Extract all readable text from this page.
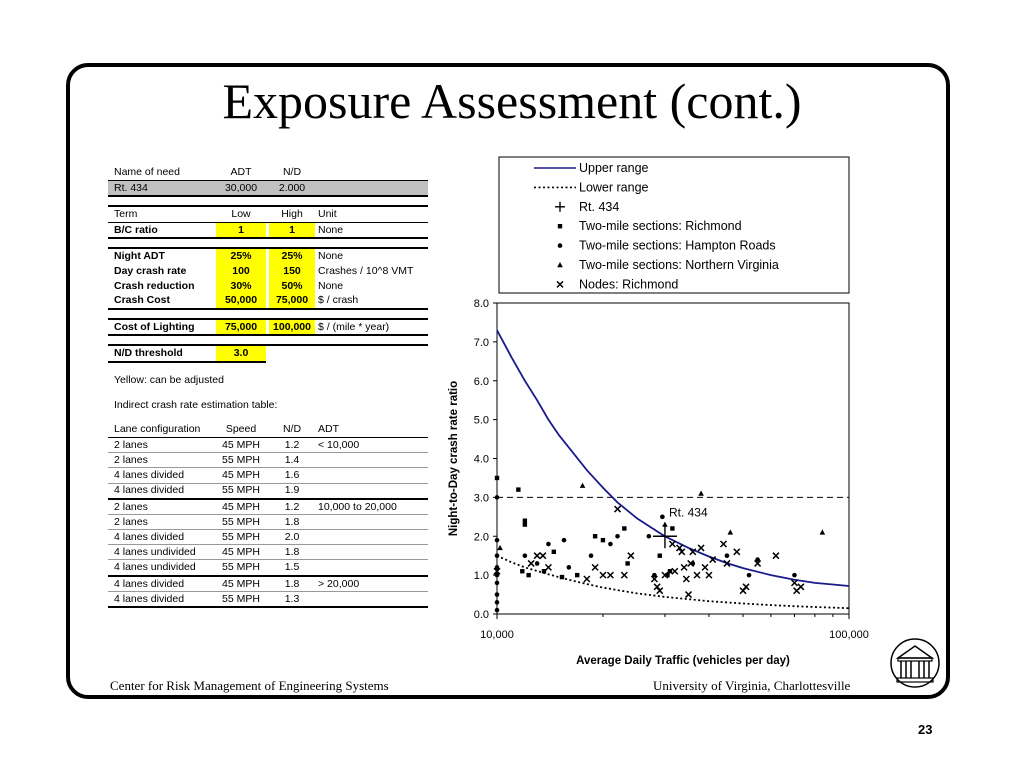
Exposure Assessment (cont.)
Name of need	ADT	N/D
Rt. 434	30,000	2.000
Term	Low	High	Unit
B/C ratio	1	1	None
Night ADT	25%	25%	None
Day crash rate	100	150	Crashes / 10^8 VMT
Crash reduction	30%	50%	None
Crash Cost	50,000	75,000 $ / crash
Cost of Lighting	75,000	100,000 $ / (mile * year)
N/D threshold	3.0
Yellow: can be adjusted
Indirect crash rate estimation table:
Lane configuration	Speed	N/D	ADT
2 lanes	45 MPH	1.2	< 10,000
2 lanes	55 MPH	1.4
4 lanes divided	45 MPH	1.6
4 lanes divided	55 MPH	1.9
2 lanes	45 MPH	1.2	10,000 to 20,000
2 lanes	55 MPH	1.8
4 lanes divided	55 MPH	2.0
4 lanes undivided	45 MPH	1.8
4 lanes undivided	55 MPH	1.5
4 lanes divided	45 MPH	1.8	> 20,000
4 lanes divided	55 MPH	1.3
Upper range
Lower range
Rt. 434
Two-mile sections: Richmond
Two-mile sections: Hampton Roads
Two-mile sections: Northern Virginia
Nodes: Richmond
0.0
1.0
2.0
3.0
4.0
5.0
6.0
7.0
8.0
10,000	100,000
Average Daily Traffic (vehicles per day)
Night-to-Day crash rate ratio	Rt. 434
Center for Risk Management of Engineering Systems	University of Virginia, Charlottesville
23
